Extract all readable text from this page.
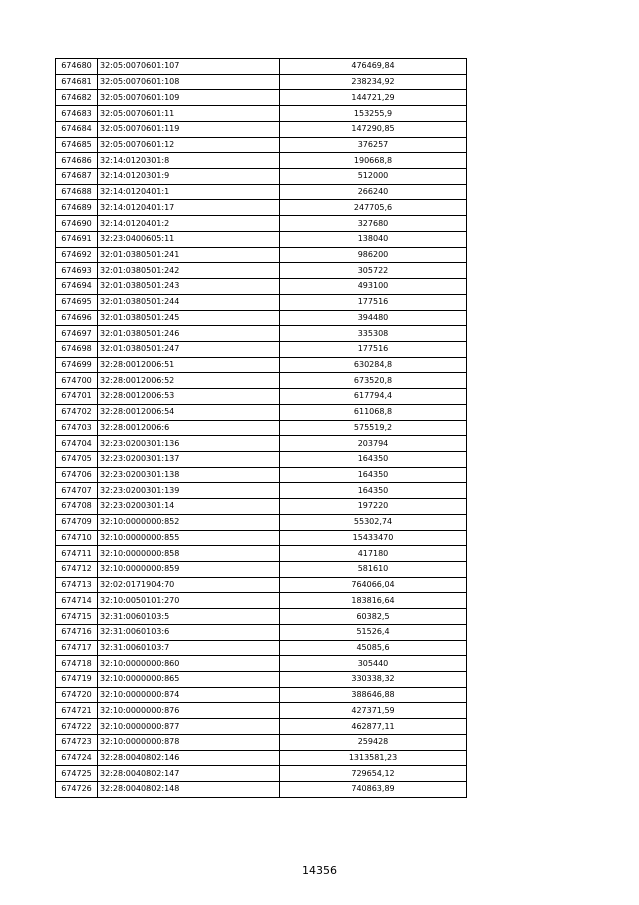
674680	32:05:0070601:107	476469,84
674681	32:05:0070601:108	238234,92
674682	32:05:0070601:109	144721,29
674683	32:05:0070601:11	153255,9
674684	32:05:0070601:119	147290,85
674685	32:05:0070601:12	376257
674686	32:14:0120301:8	190668,8
674687	32:14:0120301:9	512000
674688	32:14:0120401:1	266240
674689	32:14:0120401:17	247705,6
674690	32:14:0120401:2	327680
674691	32:23:0400605:11	138040
674692	32:01:0380501:241	986200
674693	32:01:0380501:242	305722
674694	32:01:0380501:243	493100
674695	32:01:0380501:244	177516
674696	32:01:0380501:245	394480
674697	32:01:0380501:246	335308
674698	32:01:0380501:247	177516
674699	32:28:0012006:51	630284,8
674700	32:28:0012006:52	673520,8
674701	32:28:0012006:53	617794,4
674702	32:28:0012006:54	611068,8
674703	32:28:0012006:6	575519,2
674704	32:23:0200301:136	203794
674705	32:23:0200301:137	164350
674706	32:23:0200301:138	164350
674707	32:23:0200301:139	164350
674708	32:23:0200301:14	197220
674709	32:10:0000000:852	55302,74
674710	32:10:0000000:855	15433470
674711	32:10:0000000:858	417180
674712	32:10:0000000:859	581610
674713	32:02:0171904:70	764066,04
674714	32:10:0050101:270	183816,64
674715	32:31:0060103:5	60382,5
674716	32:31:0060103:6	51526,4
674717	32:31:0060103:7	45085,6
674718	32:10:0000000:860	305440
674719	32:10:0000000:865	330338,32
674720	32:10:0000000:874	388646,88
674721	32:10:0000000:876	427371,59
674722	32:10:0000000:877	462877,11
674723	32:10:0000000:878	259428
674724	32:28:0040802:146	1313581,23
674725	32:28:0040802:147	729654,12
674726	32:28:0040802:148	740863,89
14356
